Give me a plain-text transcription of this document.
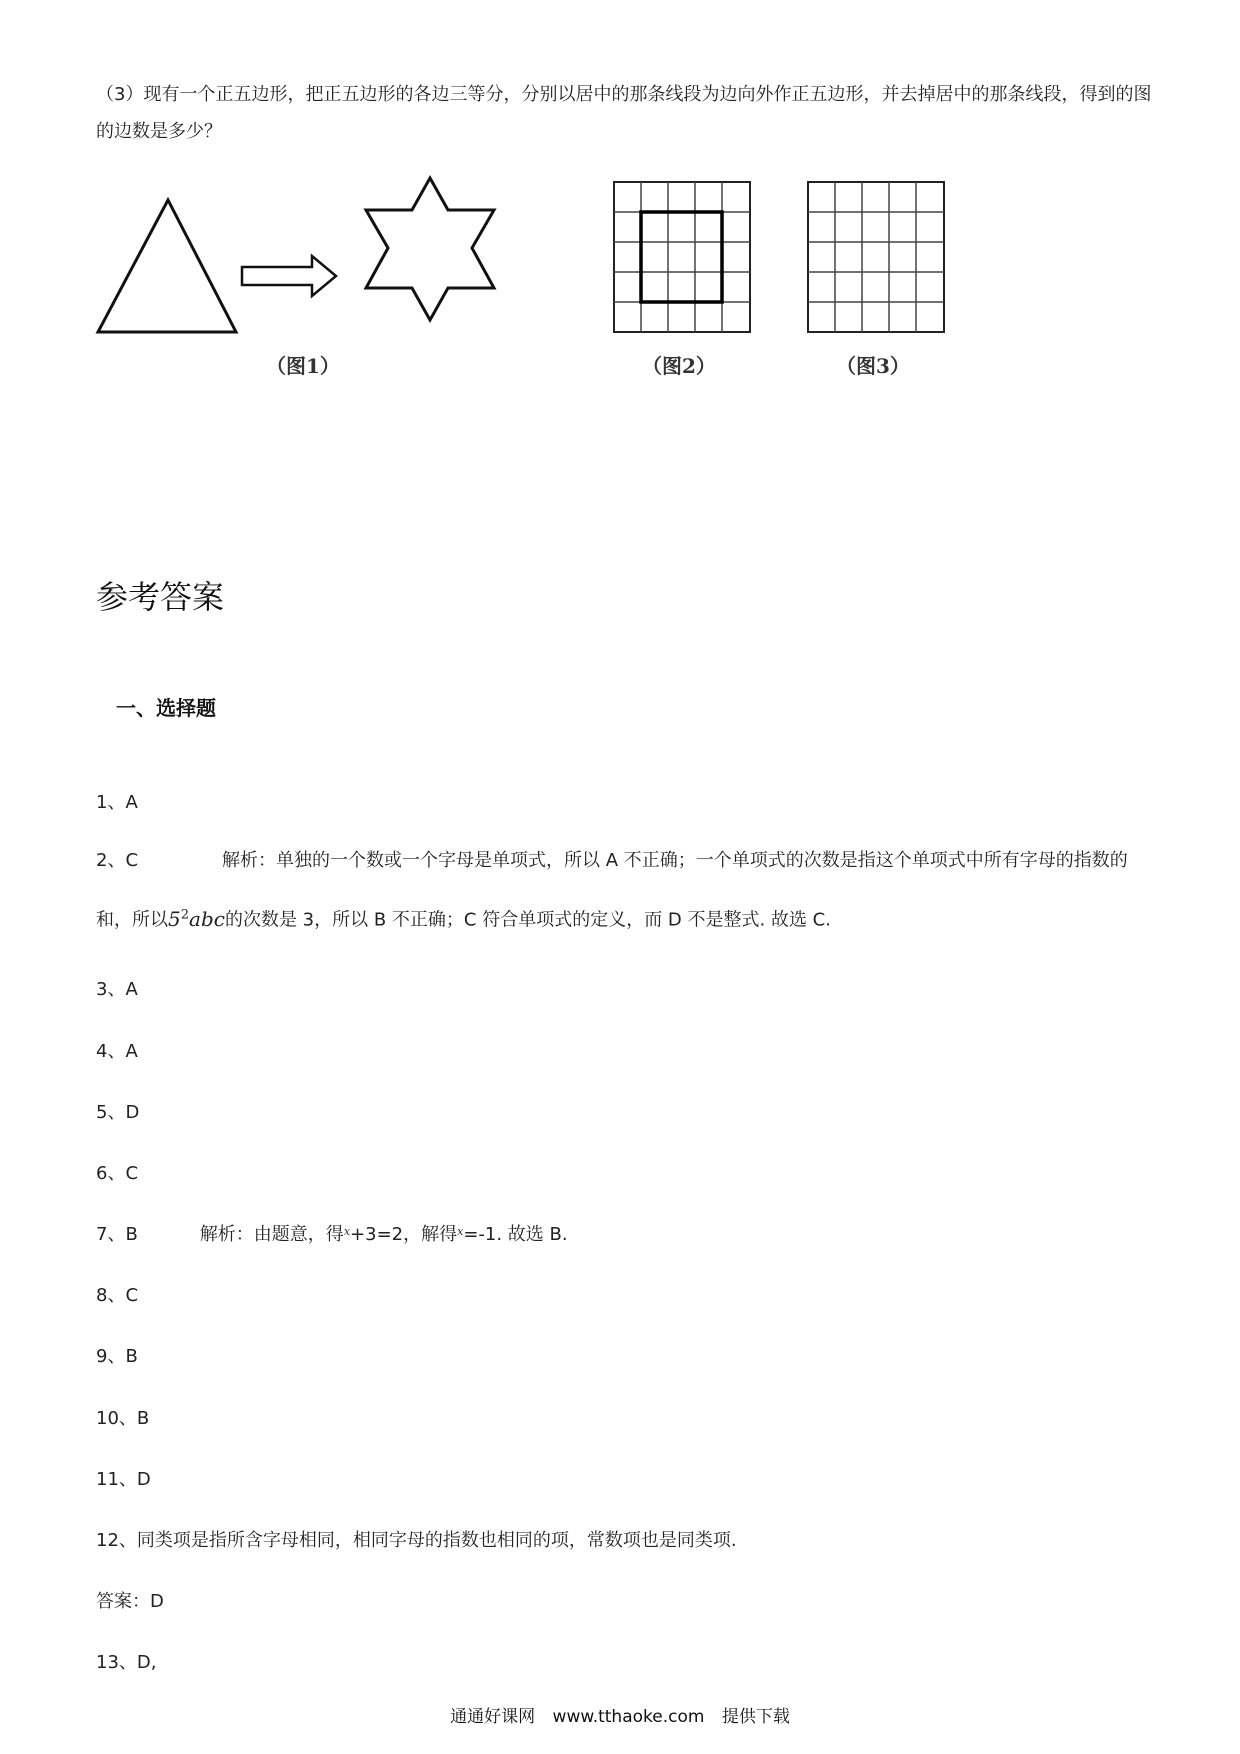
（3）现有一个正五边形，把正五边形的各边三等分，分别以居中的那条线段为边向外作正五边形，并去掉居中的那条线段，得到的图的边数是多少？
（图1）	（图2）	（图3）
参考答案
一、选择题
1、A
2、C	解析：单独的一个数或一个字母是单项式，所以 A 不正确；一个单项式的次数是指这个单项式中所有字母的指数的和，所以$5^2abc$的次数是 3，所以 B 不正确；C 符合单项式的定义，而 D 不是整式. 故选 C.
3、A
4、A
5、D
6、C
7、B	解析：由题意，得$^x$+3=2，解得$^x$=-1. 故选 B.
8、C
9、B
10、B
11、D
12、同类项是指所含字母相同，相同字母的指数也相同的项，常数项也是同类项.
答案：D
13、D,
通通好课网 www.tthaoke.com 提供下载
